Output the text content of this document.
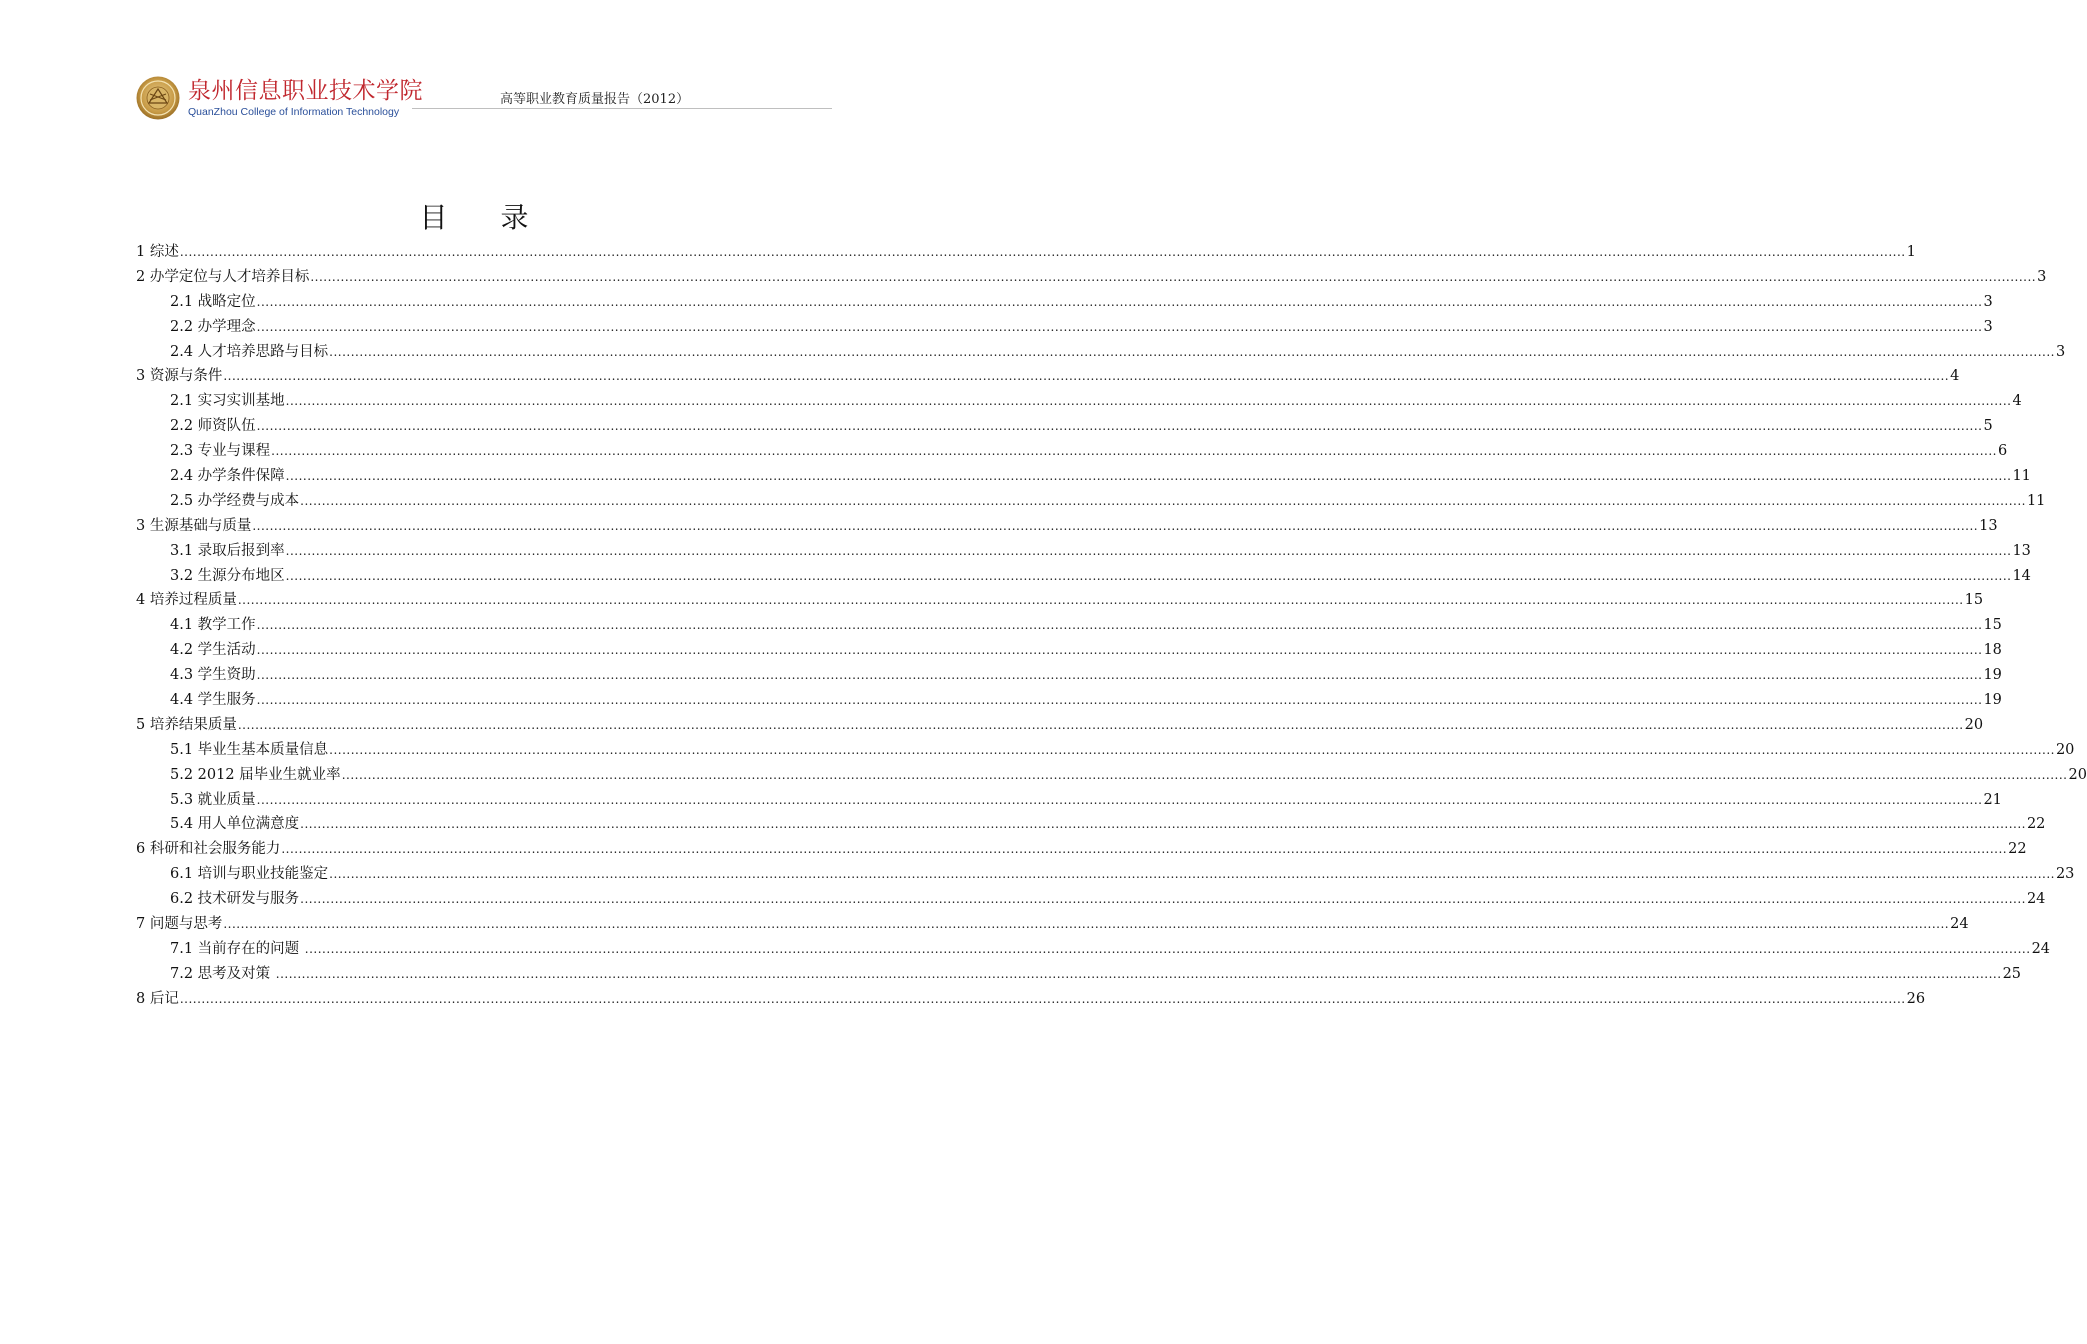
泉州信息职业技术学院
QuanZhou College of Information Technology
高等职业教育质量报告（2012）
目 录
1 综述 ................................................................................................................................................................................................................................................................................................................................................................................................................ 1
2 办学定位与人才培养目标 ................................................................................................................................................................................................................................................................................................................................................................................................................ 3
2.1 战略定位 ................................................................................................................................................................................................................................................................................................................................................................................................................ 3
2.2 办学理念 ................................................................................................................................................................................................................................................................................................................................................................................................................ 3
2.4 人才培养思路与目标 ................................................................................................................................................................................................................................................................................................................................................................................................................ 3
3 资源与条件 ................................................................................................................................................................................................................................................................................................................................................................................................................ 4
2.1 实习实训基地 ................................................................................................................................................................................................................................................................................................................................................................................................................ 4
2.2 师资队伍 ................................................................................................................................................................................................................................................................................................................................................................................................................ 5
2.3 专业与课程 ................................................................................................................................................................................................................................................................................................................................................................................................................ 6
2.4 办学条件保障 ................................................................................................................................................................................................................................................................................................................................................................................................................ 11
2.5 办学经费与成本 ................................................................................................................................................................................................................................................................................................................................................................................................................ 11
3 生源基础与质量 ................................................................................................................................................................................................................................................................................................................................................................................................................ 13
3.1 录取后报到率 ................................................................................................................................................................................................................................................................................................................................................................................................................ 13
3.2 生源分布地区 ................................................................................................................................................................................................................................................................................................................................................................................................................ 14
4 培养过程质量 ................................................................................................................................................................................................................................................................................................................................................................................................................ 15
4.1 教学工作 ................................................................................................................................................................................................................................................................................................................................................................................................................ 15
4.2 学生活动 ................................................................................................................................................................................................................................................................................................................................................................................................................ 18
4.3 学生资助 ................................................................................................................................................................................................................................................................................................................................................................................................................ 19
4.4 学生服务 ................................................................................................................................................................................................................................................................................................................................................................................................................ 19
5 培养结果质量 ................................................................................................................................................................................................................................................................................................................................................................................................................ 20
5.1 毕业生基本质量信息 ................................................................................................................................................................................................................................................................................................................................................................................................................ 20
5.2 2012 届毕业生就业率 ................................................................................................................................................................................................................................................................................................................................................................................................................ 20
5.3 就业质量 ................................................................................................................................................................................................................................................................................................................................................................................................................ 21
5.4 用人单位满意度 ................................................................................................................................................................................................................................................................................................................................................................................................................ 22
6 科研和社会服务能力 ................................................................................................................................................................................................................................................................................................................................................................................................................ 22
6.1 培训与职业技能鉴定 ................................................................................................................................................................................................................................................................................................................................................................................................................ 23
6.2 技术研发与服务 ................................................................................................................................................................................................................................................................................................................................................................................................................ 24
7 问题与思考 ................................................................................................................................................................................................................................................................................................................................................................................................................ 24
7.1 当前存在的问题 ................................................................................................................................................................................................................................................................................................................................................................................................................ 24
7.2 思考及对策 ................................................................................................................................................................................................................................................................................................................................................................................................................ 25
8 后记 ................................................................................................................................................................................................................................................................................................................................................................................................................ 26
